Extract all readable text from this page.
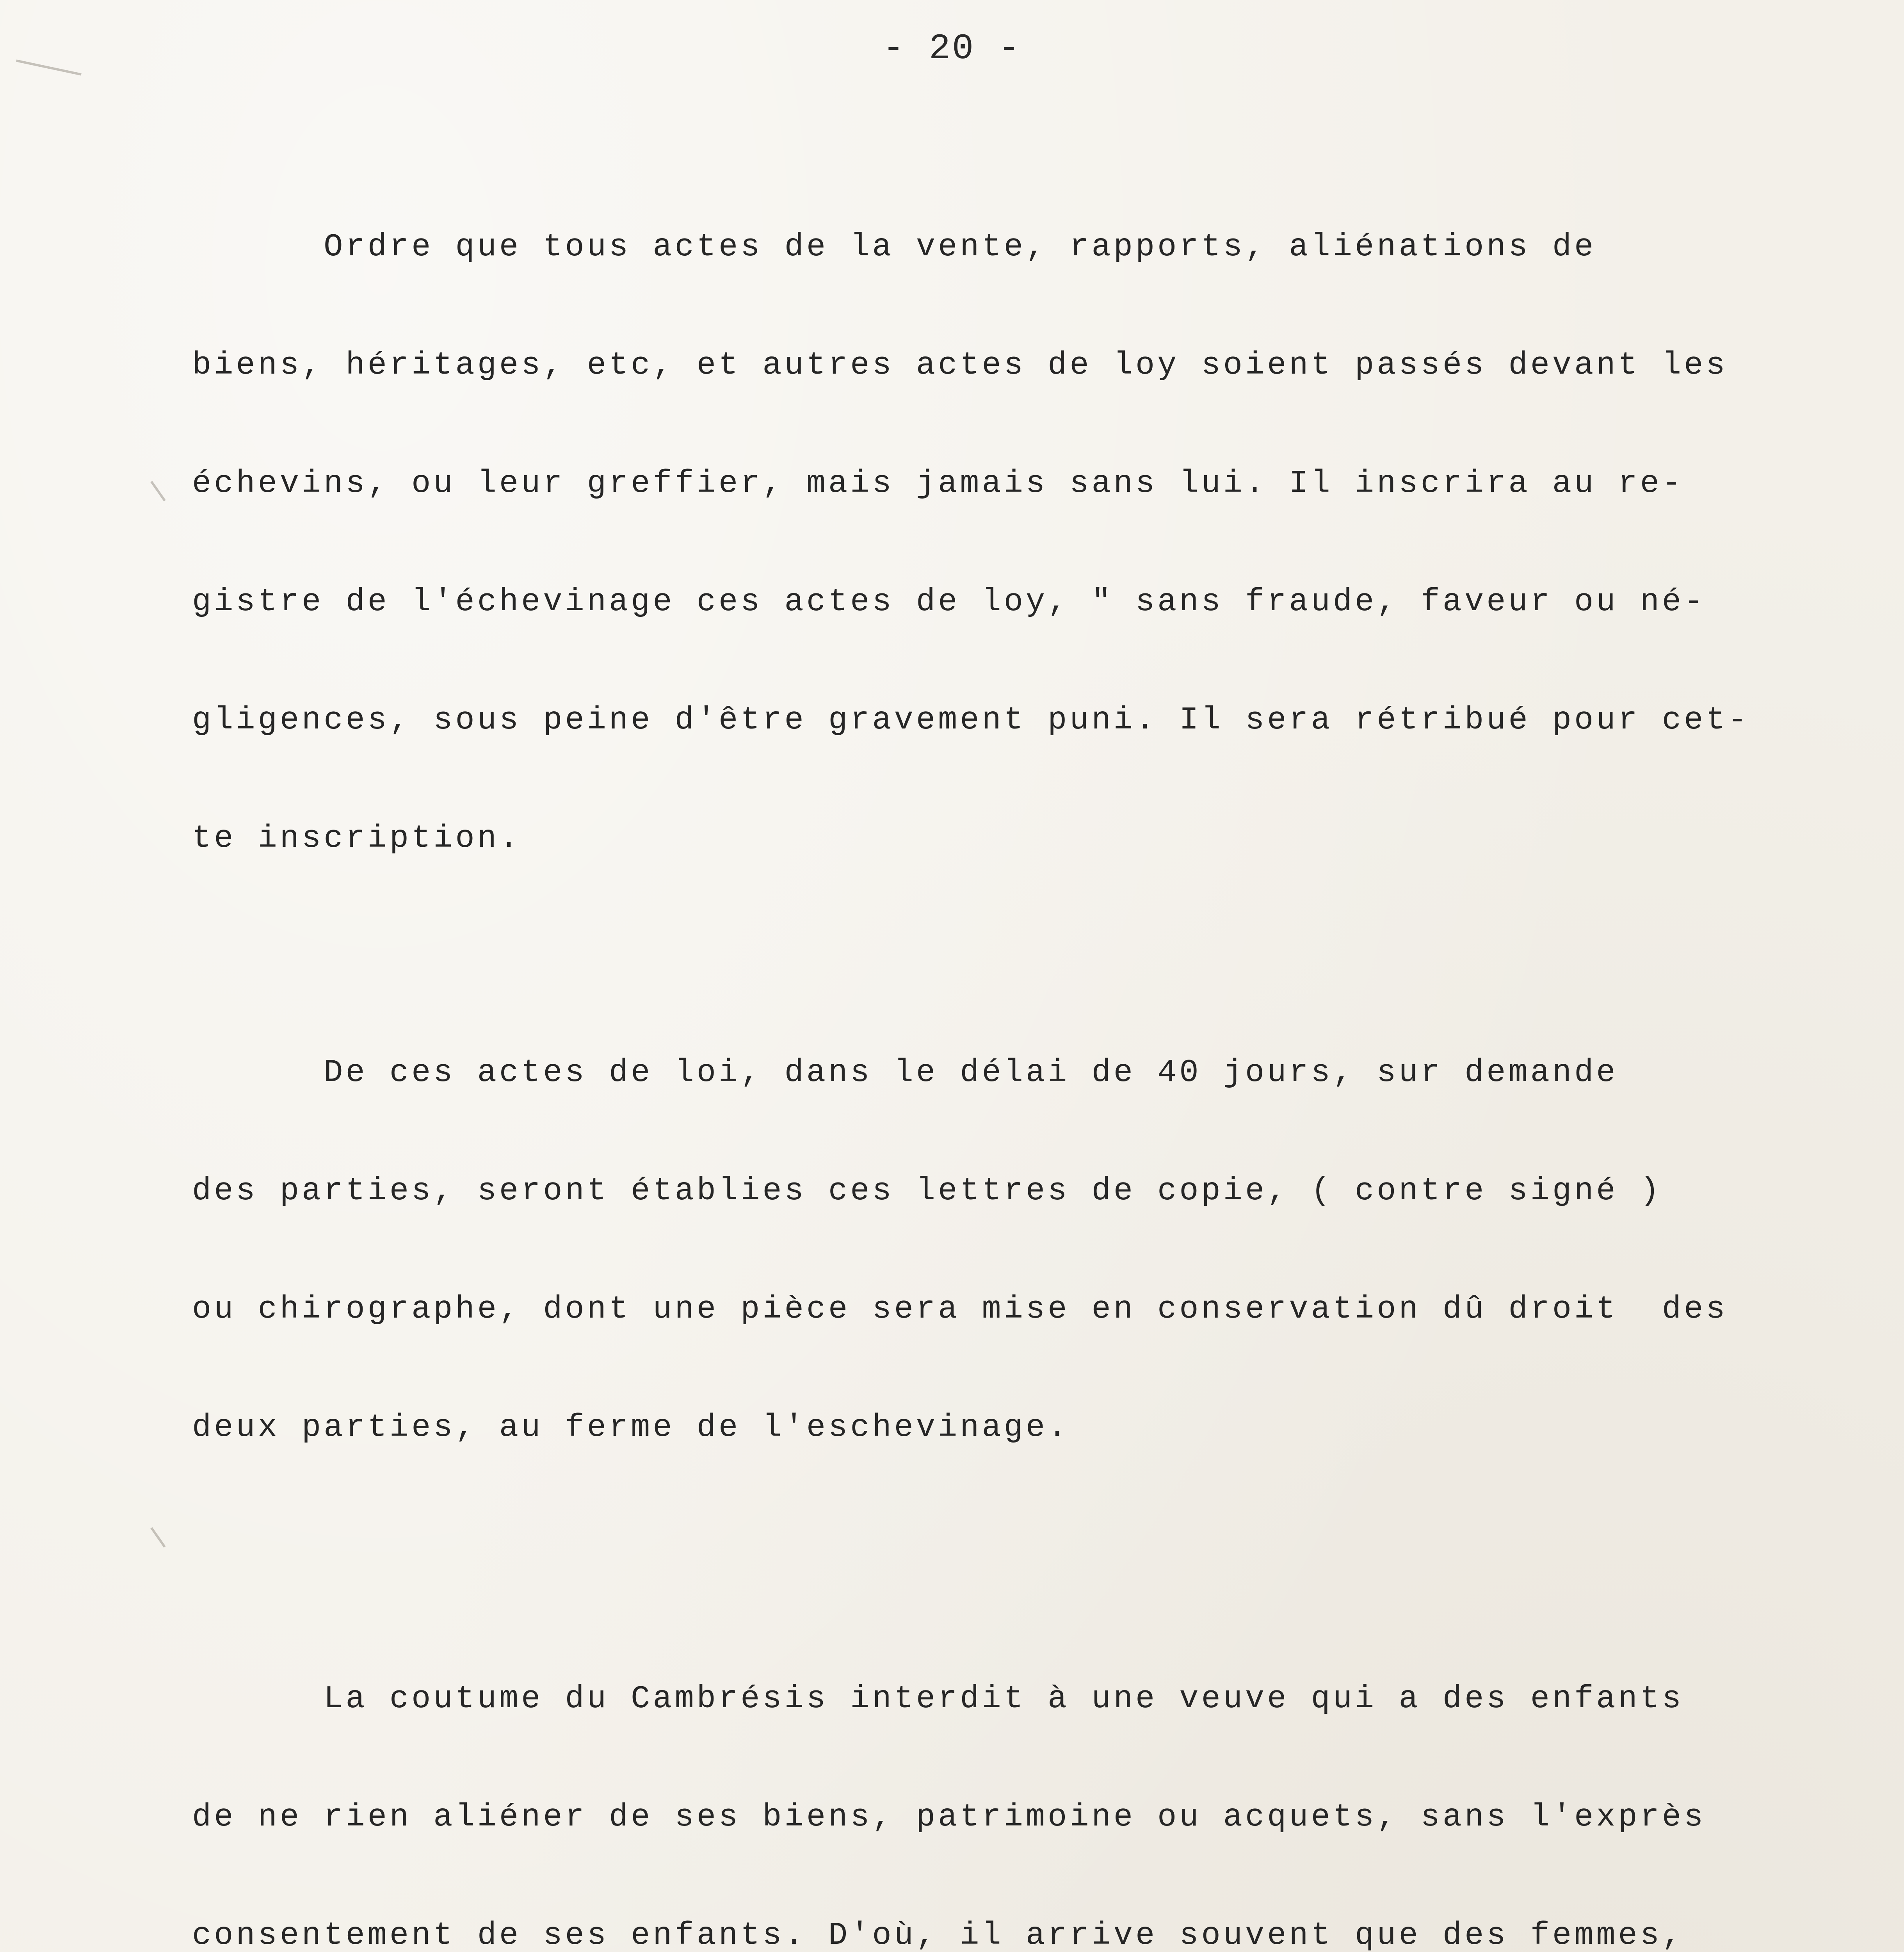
- 20 -

Ordre que tous actes de la vente, rapports, aliénations de

biens, héritages, etc, et autres actes de loy soient passés devant les

échevins, ou leur greffier, mais jamais sans lui. Il inscrira au re-

gistre de l'échevinage ces actes de loy, " sans fraude, faveur ou né-

gligences, sous peine d'être gravement puni. Il sera rétribué pour cet-

te inscription.

De ces actes de loi, dans le délai de 40 jours, sur demande

des parties, seront établies ces lettres de copie, ( contre signé )

ou chirographe, dont une pièce sera mise en conservation dû droit  des

deux parties, au ferme de l'eschevinage.

La coutume du Cambrésis interdit à une veuve qui a des enfants

de ne rien aliéner de ses biens, patrimoine ou acquets, sans l'exprès

consentement de ses enfants. D'où, il arrive souvent que des femmes,
